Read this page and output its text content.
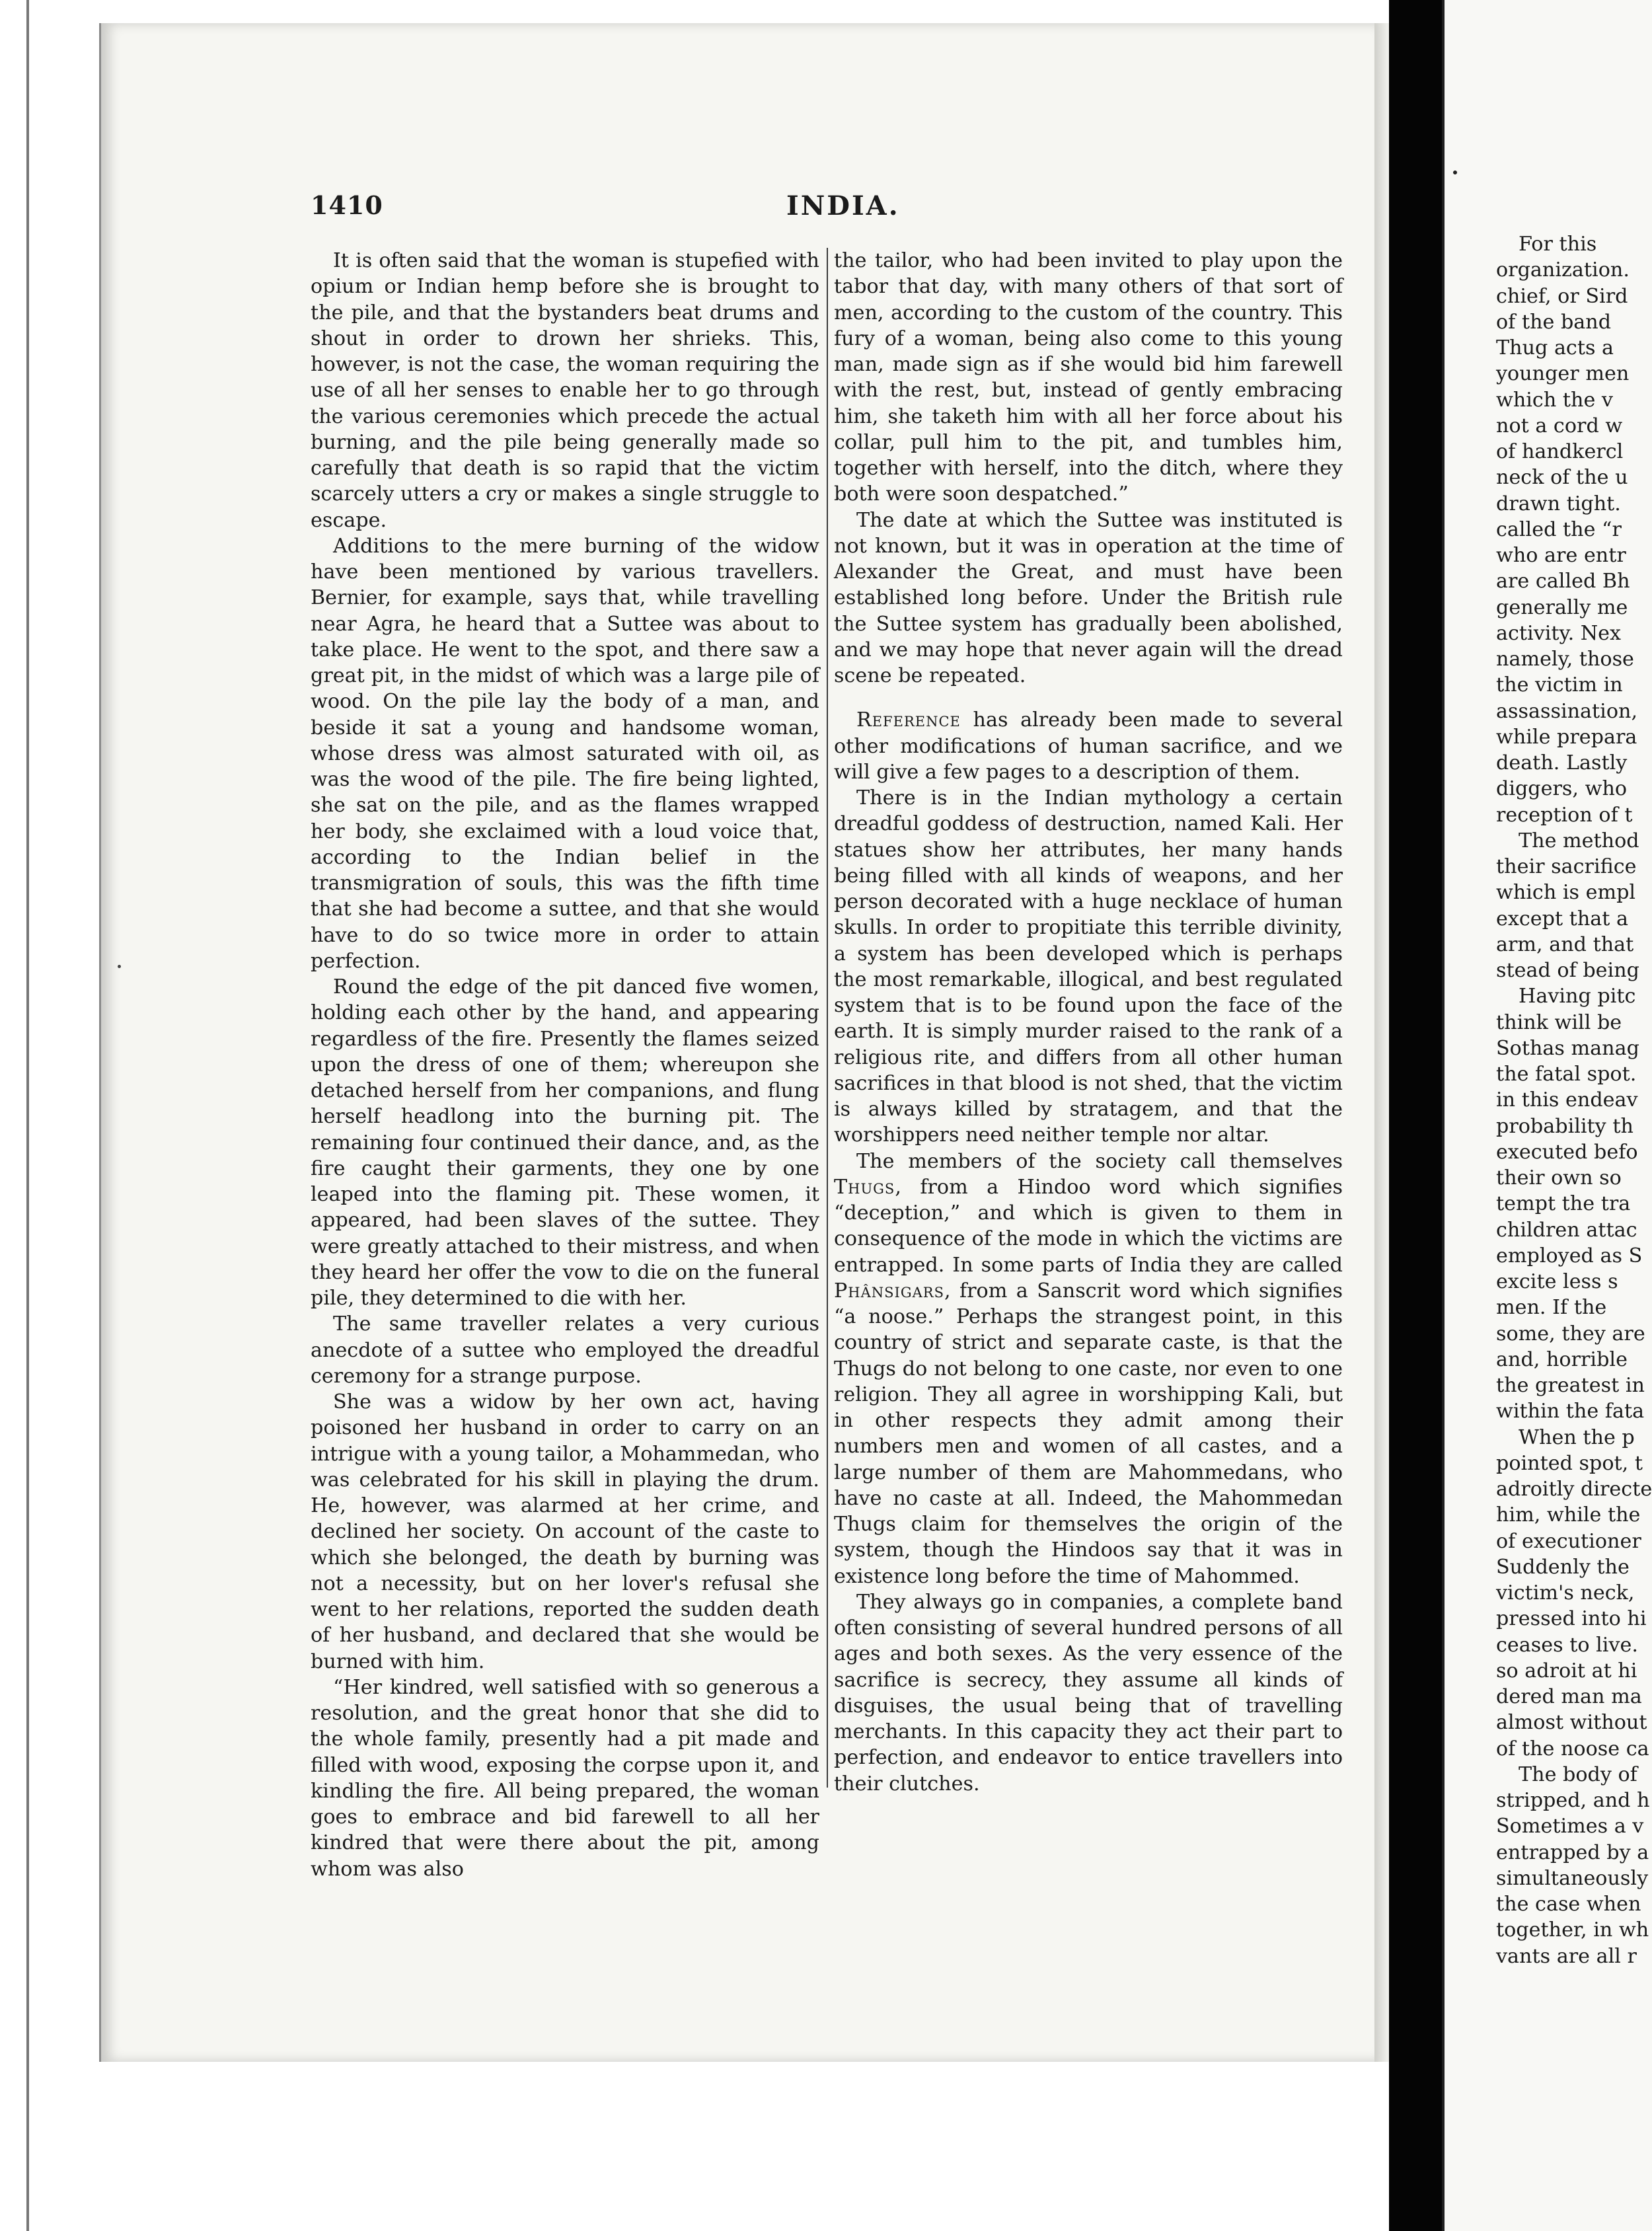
1410	INDIA.

It is often said that the woman is stupefied with opium or Indian hemp before she is brought to the pile, and that the bystanders beat drums and shout in order to drown her shrieks. This, however, is not the case, the woman requiring the use of all her senses to enable her to go through the various ceremonies which precede the actual burning, and the pile being generally made so carefully that death is so rapid that the victim scarcely utters a cry or makes a single struggle to escape.

Additions to the mere burning of the widow have been mentioned by various travellers. Bernier, for example, says that, while travelling near Agra, he heard that a Suttee was about to take place. He went to the spot, and there saw a great pit, in the midst of which was a large pile of wood. On the pile lay the body of a man, and beside it sat a young and handsome woman, whose dress was almost saturated with oil, as was the wood of the pile. The fire being lighted, she sat on the pile, and as the flames wrapped her body, she exclaimed with a loud voice that, according to the Indian belief in the transmigration of souls, this was the fifth time that she had become a suttee, and that she would have to do so twice more in order to attain perfection.

Round the edge of the pit danced five women, holding each other by the hand, and appearing regardless of the fire. Presently the flames seized upon the dress of one of them; whereupon she detached herself from her companions, and flung herself headlong into the burning pit. The remaining four continued their dance, and, as the fire caught their garments, they one by one leaped into the flaming pit. These women, it appeared, had been slaves of the suttee. They were greatly attached to their mistress, and when they heard her offer the vow to die on the funeral pile, they determined to die with her.

The same traveller relates a very curious anecdote of a suttee who employed the dreadful ceremony for a strange purpose.

She was a widow by her own act, having poisoned her husband in order to carry on an intrigue with a young tailor, a Mohammedan, who was celebrated for his skill in playing the drum. He, however, was alarmed at her crime, and declined her society. On account of the caste to which she belonged, the death by burning was not a necessity, but on her lover's refusal she went to her relations, reported the sudden death of her husband, and declared that she would be burned with him.

“Her kindred, well satisfied with so generous a resolution, and the great honor that she did to the whole family, presently had a pit made and filled with wood, exposing the corpse upon it, and kindling the fire. All being prepared, the woman goes to embrace and bid farewell to all her kindred that were there about the pit, among whom was also

the tailor, who had been invited to play upon the tabor that day, with many others of that sort of men, according to the custom of the country. This fury of a woman, being also come to this young man, made sign as if she would bid him farewell with the rest, but, instead of gently embracing him, she taketh him with all her force about his collar, pull him to the pit, and tumbles him, together with herself, into the ditch, where they both were soon despatched.”

The date at which the Suttee was instituted is not known, but it was in operation at the time of Alexander the Great, and must have been established long before. Under the British rule the Suttee system has gradually been abolished, and we may hope that never again will the dread scene be repeated.

Reference has already been made to several other modifications of human sacrifice, and we will give a few pages to a description of them.

There is in the Indian mythology a certain dreadful goddess of destruction, named Kali. Her statues show her attributes, her many hands being filled with all kinds of weapons, and her person decorated with a huge necklace of human skulls. In order to propitiate this terrible divinity, a system has been developed which is perhaps the most remarkable, illogical, and best regulated system that is to be found upon the face of the earth. It is simply murder raised to the rank of a religious rite, and differs from all other human sacrifices in that blood is not shed, that the victim is always killed by stratagem, and that the worshippers need neither temple nor altar.

The members of the society call themselves Thugs, from a Hindoo word which signifies “deception,” and which is given to them in consequence of the mode in which the victims are entrapped. In some parts of India they are called Phânsigars, from a Sanscrit word which signifies “a noose.” Perhaps the strangest point, in this country of strict and separate caste, is that the Thugs do not belong to one caste, nor even to one religion. They all agree in worshipping Kali, but in other respects they admit among their numbers men and women of all castes, and a large number of them are Mahommedans, who have no caste at all. Indeed, the Mahommedan Thugs claim for themselves the origin of the system, though the Hindoos say that it was in existence long before the time of Mahommed.

They always go in companies, a complete band often consisting of several hundred persons of all ages and both sexes. As the very essence of the sacrifice is secrecy, they assume all kinds of disguises, the usual being that of travelling merchants. In this capacity they act their part to perfection, and endeavor to entice travellers into their clutches.

For this
organization.
chief, or Sird
of the band
Thug acts a
younger men
which the v
not a cord w
of handkercl
neck of the u
drawn tight.
called the “r
who are entr
are called Bh
generally me
activity. Nex
namely, those
the victim in
assassination,
while prepara
death. Lastly
diggers, who
reception of t
The method
their sacrifice
which is empl
except that a
arm, and that
stead of being
Having pitc
think will be
Sothas manag
the fatal spot.
in this endeav
probability th
executed befo
their own so
tempt the tra
children attac
employed as S
excite less s
men. If the
some, they are
and, horrible
the greatest in
within the fata
When the p
pointed spot, t
adroitly directe
him, while the
of executioner
Suddenly the
victim's neck,
pressed into hi
ceases to live.
so adroit at hi
dered man ma
almost without
of the noose ca
The body of
stripped, and h
Sometimes a v
entrapped by a
simultaneously
the case when
together, in wh
vants are all r
